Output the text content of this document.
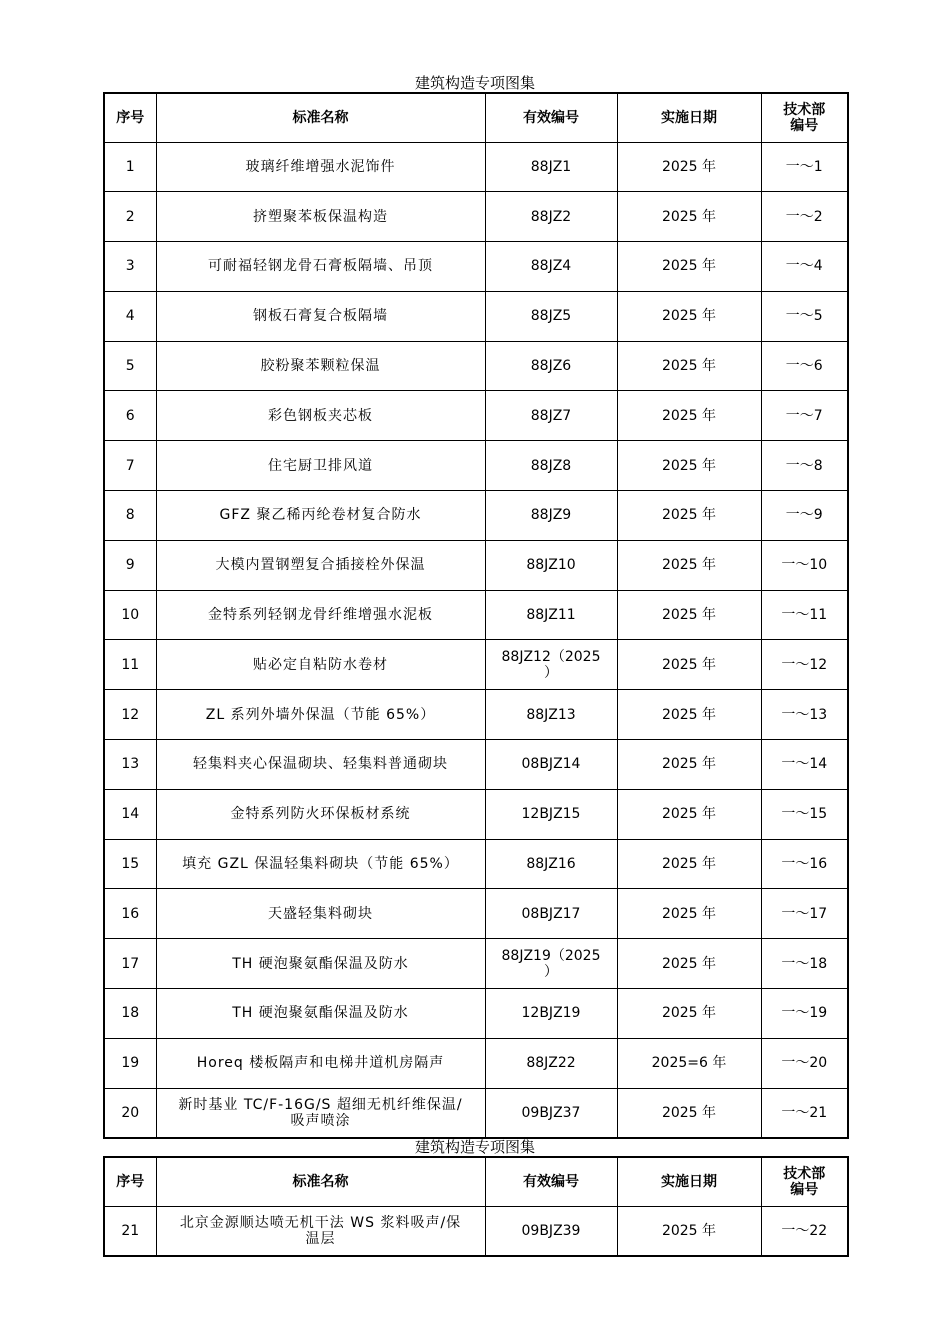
建筑构造专项图集
序号	标准名称	有效编号	实施日期	技术部
编号
1	玻璃纤维增强水泥饰件	88JZ1	2025 年	一～1
2	挤塑聚苯板保温构造	88JZ2	2025 年	一～2
3	可耐福轻钢龙骨石膏板隔墙、吊顶	88JZ4	2025 年	一～4
4	钢板石膏复合板隔墙	88JZ5	2025 年	一～5
5	胶粉聚苯颗粒保温	88JZ6	2025 年	一～6
6	彩色钢板夹芯板	88JZ7	2025 年	一～7
7	住宅厨卫排风道	88JZ8	2025 年	一～8
8	GFZ 聚乙稀丙纶卷材复合防水	88JZ9	2025 年	一～9
9	大模内置钢塑复合插接栓外保温	88JZ10	2025 年	一～10
10	金特系列轻钢龙骨纤维增强水泥板	88JZ11	2025 年	一～11
11	贴必定自粘防水卷材	88JZ12（2025
）	2025 年	一～12
12	ZL 系列外墙外保温（节能 65%）	88JZ13	2025 年	一～13
13	轻集料夹心保温砌块、轻集料普通砌块	08BJZ14	2025 年	一～14
14	金特系列防火环保板材系统	12BJZ15	2025 年	一～15
15	填充 GZL 保温轻集料砌块（节能 65%）	88JZ16	2025 年	一～16
16	天盛轻集料砌块	08BJZ17	2025 年	一～17
17	TH 硬泡聚氨酯保温及防水	88JZ19（2025
）	2025 年	一～18
18	TH 硬泡聚氨酯保温及防水	12BJZ19	2025 年	一～19
19	Horeq 楼板隔声和电梯井道机房隔声	88JZ22	2025=6 年	一～20
20	新时基业 TC/F-16G/S 超细无机纤维保温/
吸声喷涂	09BJZ37	2025 年	一～21
建筑构造专项图集
序号	标准名称	有效编号	实施日期	技术部
编号
21	北京金源顺达喷无机干法 WS 浆料吸声/保
温层	09BJZ39	2025 年	一～22
